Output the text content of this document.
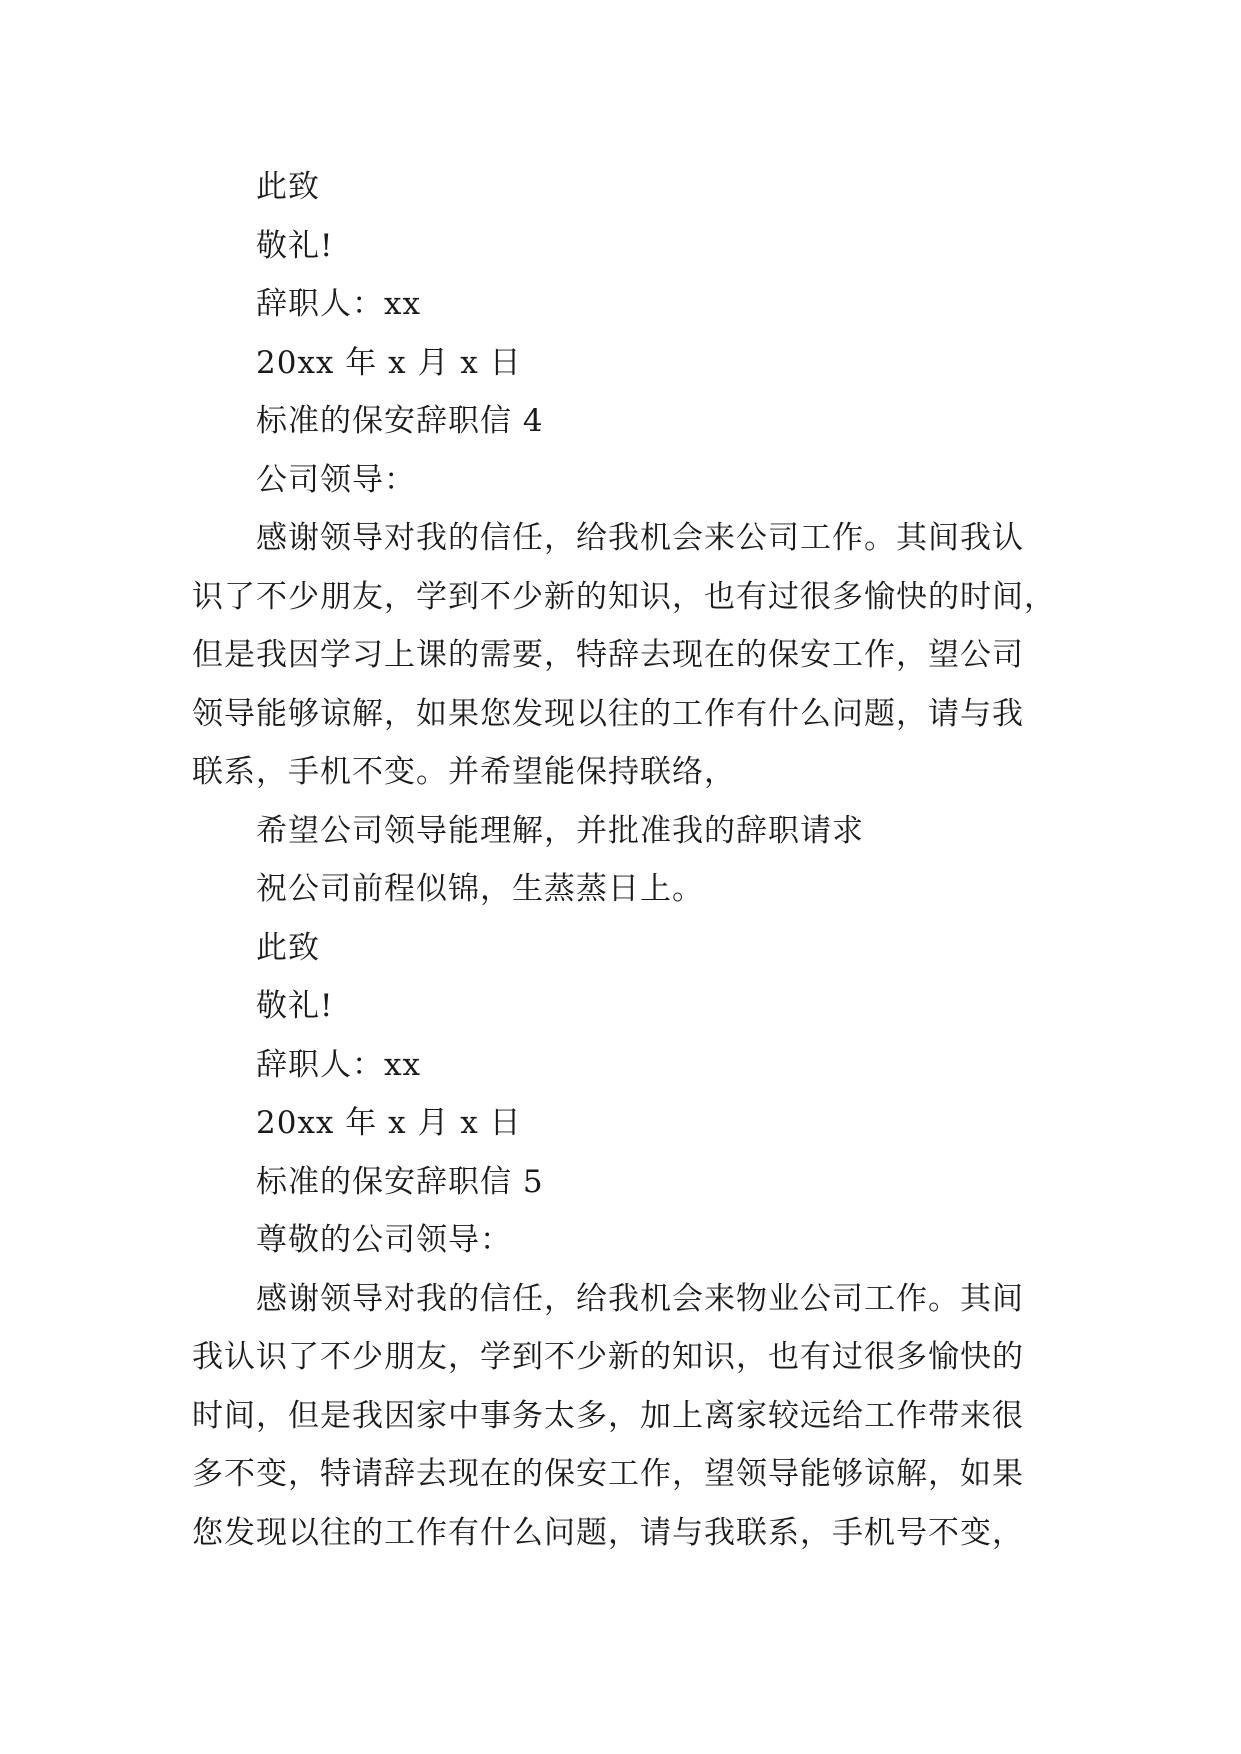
此致
敬礼!
辞职人：xx
20xx 年 x 月 x 日
标准的保安辞职信 4
公司领导：
感谢领导对我的信任，给我机会来公司工作。其间我认
识了不少朋友，学到不少新的知识，也有过很多愉快的时间，
但是我因学习上课的需要，特辞去现在的保安工作，望公司
领导能够谅解，如果您发现以往的工作有什么问题，请与我
联系，手机不变。并希望能保持联络，
希望公司领导能理解，并批准我的辞职请求
祝公司前程似锦，生蒸蒸日上。
此致
敬礼!
辞职人：xx
20xx 年 x 月 x 日
标准的保安辞职信 5
尊敬的公司领导：
感谢领导对我的信任，给我机会来物业公司工作。其间
我认识了不少朋友，学到不少新的知识，也有过很多愉快的
时间，但是我因家中事务太多，加上离家较远给工作带来很
多不变，特请辞去现在的保安工作，望领导能够谅解，如果
您发现以往的工作有什么问题，请与我联系，手机号不变，
